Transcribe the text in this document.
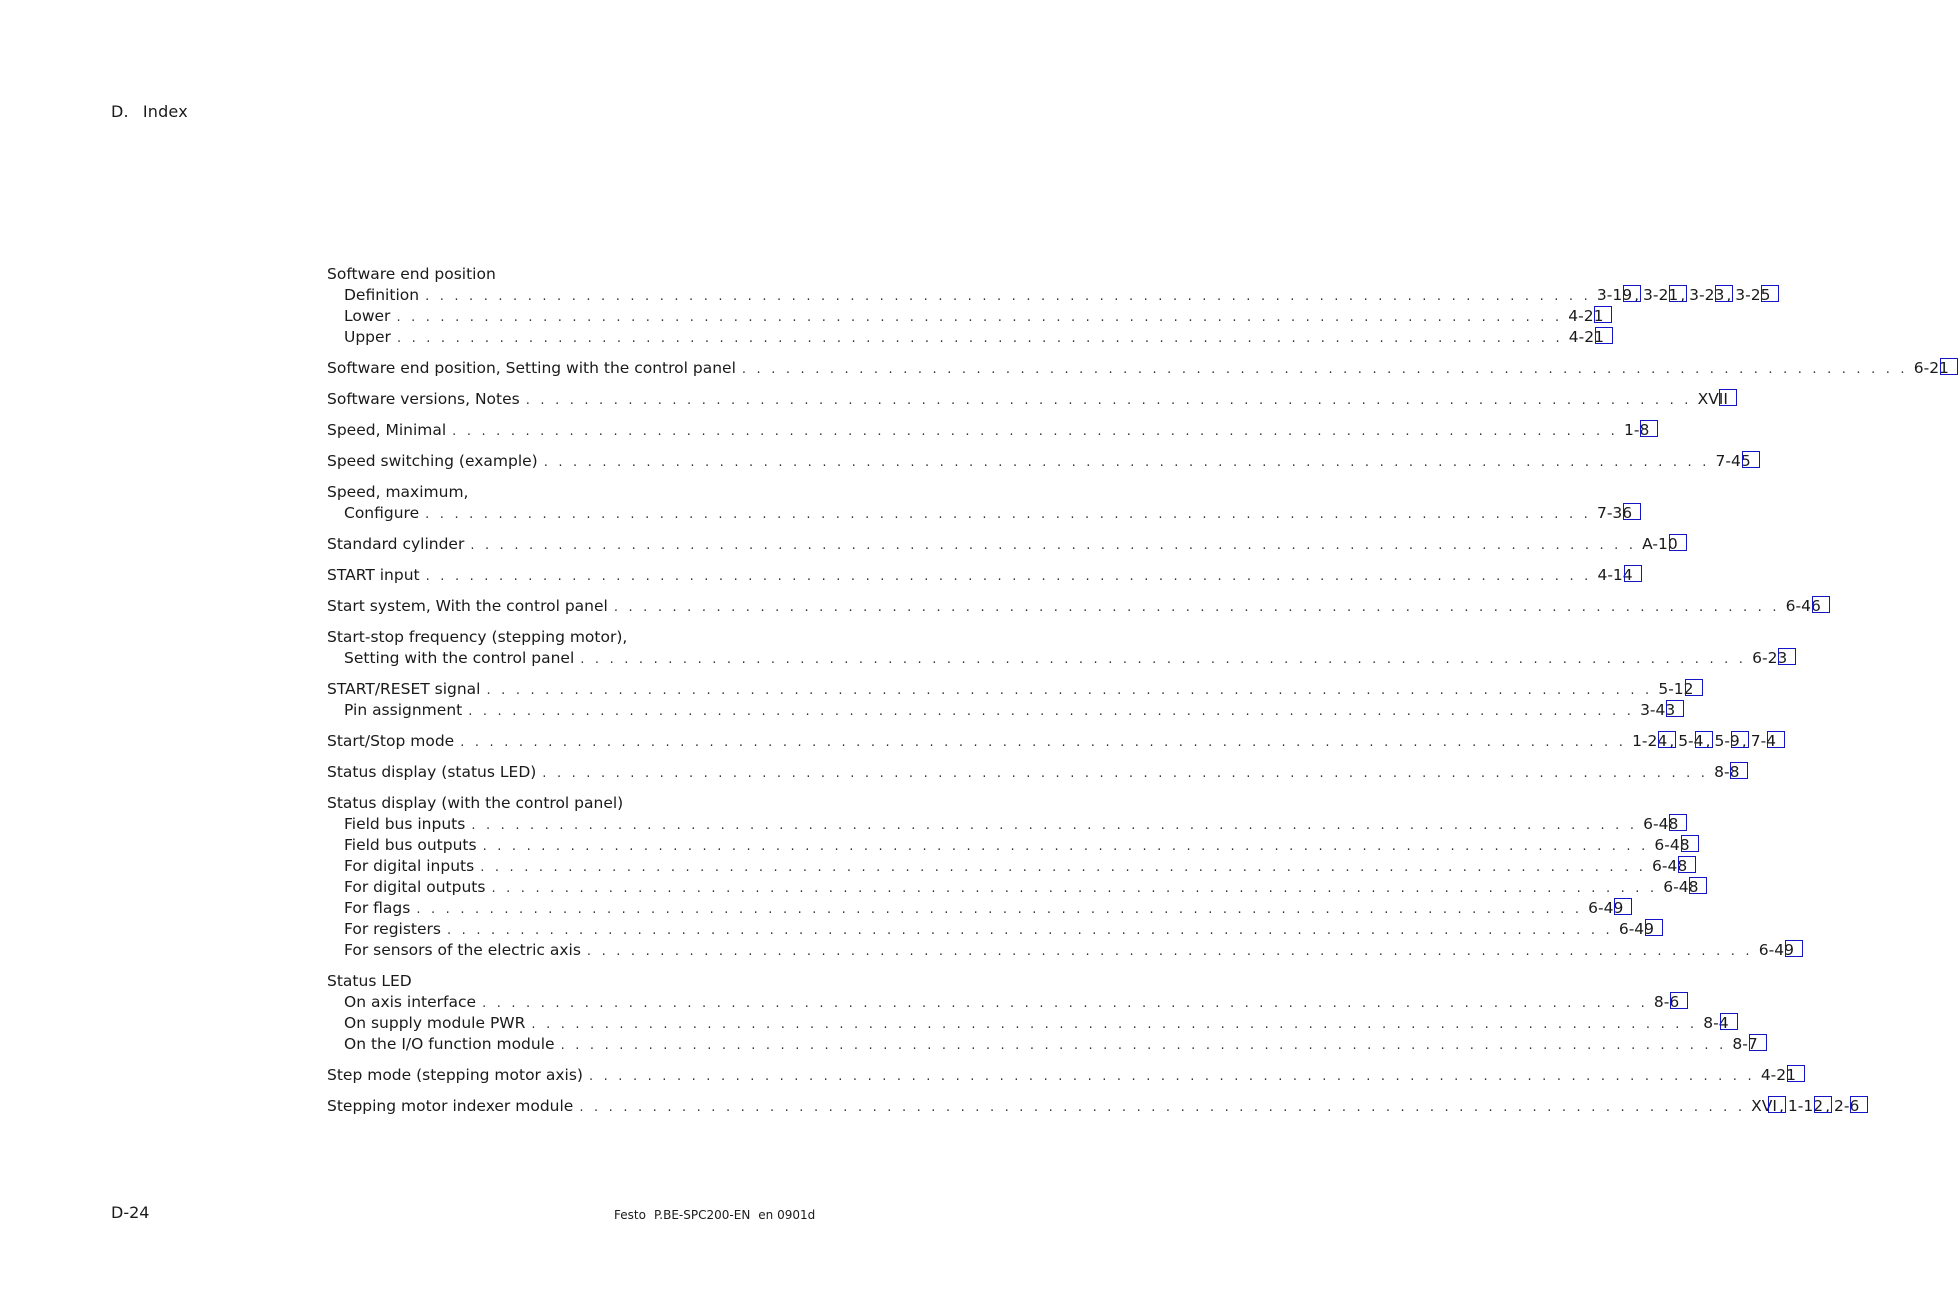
D. Index
Software end position
Definition . . . . . . . . . . . . . . . . . . . . . . . . . . . . . . . . . . . . . . . . . . . . . . . . . . . . . . . . . . . . . . . . . . . . . . . . . . . . . . . . 3-19 , 3-21 , 3-23 , 3-25
Lower . . . . . . . . . . . . . . . . . . . . . . . . . . . . . . . . . . . . . . . . . . . . . . . . . . . . . . . . . . . . . . . . . . . . . . . . . . . . . . . . 4-21
Upper . . . . . . . . . . . . . . . . . . . . . . . . . . . . . . . . . . . . . . . . . . . . . . . . . . . . . . . . . . . . . . . . . . . . . . . . . . . . . . . . 4-21
Software end position, Setting with the control panel . . . . . . . . . . . . . . . . . . . . . . . . . . . . . . . . . . . . . . . . . . . . . . . . . . . . . . . . . . . . . . . . . . . . . . . . . . . . . . . . 6-21
Software versions, Notes . . . . . . . . . . . . . . . . . . . . . . . . . . . . . . . . . . . . . . . . . . . . . . . . . . . . . . . . . . . . . . . . . . . . . . . . . . . . . . . . XVII
Speed, Minimal . . . . . . . . . . . . . . . . . . . . . . . . . . . . . . . . . . . . . . . . . . . . . . . . . . . . . . . . . . . . . . . . . . . . . . . . . . . . . . . . 1-8
Speed switching (example) . . . . . . . . . . . . . . . . . . . . . . . . . . . . . . . . . . . . . . . . . . . . . . . . . . . . . . . . . . . . . . . . . . . . . . . . . . . . . . . . 7-45
Speed, maximum,
Configure . . . . . . . . . . . . . . . . . . . . . . . . . . . . . . . . . . . . . . . . . . . . . . . . . . . . . . . . . . . . . . . . . . . . . . . . . . . . . . . . 7-36
Standard cylinder . . . . . . . . . . . . . . . . . . . . . . . . . . . . . . . . . . . . . . . . . . . . . . . . . . . . . . . . . . . . . . . . . . . . . . . . . . . . . . . . A-10
START input . . . . . . . . . . . . . . . . . . . . . . . . . . . . . . . . . . . . . . . . . . . . . . . . . . . . . . . . . . . . . . . . . . . . . . . . . . . . . . . . 4-14
Start system, With the control panel . . . . . . . . . . . . . . . . . . . . . . . . . . . . . . . . . . . . . . . . . . . . . . . . . . . . . . . . . . . . . . . . . . . . . . . . . . . . . . . . 6-46
Start-stop frequency (stepping motor),
Setting with the control panel . . . . . . . . . . . . . . . . . . . . . . . . . . . . . . . . . . . . . . . . . . . . . . . . . . . . . . . . . . . . . . . . . . . . . . . . . . . . . . . . 6-23
START/RESET signal . . . . . . . . . . . . . . . . . . . . . . . . . . . . . . . . . . . . . . . . . . . . . . . . . . . . . . . . . . . . . . . . . . . . . . . . . . . . . . . . 5-12
Pin assignment . . . . . . . . . . . . . . . . . . . . . . . . . . . . . . . . . . . . . . . . . . . . . . . . . . . . . . . . . . . . . . . . . . . . . . . . . . . . . . . . 3-43
Start/Stop mode . . . . . . . . . . . . . . . . . . . . . . . . . . . . . . . . . . . . . . . . . . . . . . . . . . . . . . . . . . . . . . . . . . . . . . . . . . . . . . . . 1-24 , 5-4 , 5-9 , 7-4
Status display (status LED) . . . . . . . . . . . . . . . . . . . . . . . . . . . . . . . . . . . . . . . . . . . . . . . . . . . . . . . . . . . . . . . . . . . . . . . . . . . . . . . . 8-8
Status display (with the control panel)
Field bus inputs . . . . . . . . . . . . . . . . . . . . . . . . . . . . . . . . . . . . . . . . . . . . . . . . . . . . . . . . . . . . . . . . . . . . . . . . . . . . . . . . 6-48
Field bus outputs . . . . . . . . . . . . . . . . . . . . . . . . . . . . . . . . . . . . . . . . . . . . . . . . . . . . . . . . . . . . . . . . . . . . . . . . . . . . . . . . 6-48
For digital inputs . . . . . . . . . . . . . . . . . . . . . . . . . . . . . . . . . . . . . . . . . . . . . . . . . . . . . . . . . . . . . . . . . . . . . . . . . . . . . . . . 6-48
For digital outputs . . . . . . . . . . . . . . . . . . . . . . . . . . . . . . . . . . . . . . . . . . . . . . . . . . . . . . . . . . . . . . . . . . . . . . . . . . . . . . . . 6-48
For flags . . . . . . . . . . . . . . . . . . . . . . . . . . . . . . . . . . . . . . . . . . . . . . . . . . . . . . . . . . . . . . . . . . . . . . . . . . . . . . . . 6-49
For registers . . . . . . . . . . . . . . . . . . . . . . . . . . . . . . . . . . . . . . . . . . . . . . . . . . . . . . . . . . . . . . . . . . . . . . . . . . . . . . . . 6-49
For sensors of the electric axis . . . . . . . . . . . . . . . . . . . . . . . . . . . . . . . . . . . . . . . . . . . . . . . . . . . . . . . . . . . . . . . . . . . . . . . . . . . . . . . . 6-49
Status LED
On axis interface . . . . . . . . . . . . . . . . . . . . . . . . . . . . . . . . . . . . . . . . . . . . . . . . . . . . . . . . . . . . . . . . . . . . . . . . . . . . . . . . 8-6
On supply module PWR . . . . . . . . . . . . . . . . . . . . . . . . . . . . . . . . . . . . . . . . . . . . . . . . . . . . . . . . . . . . . . . . . . . . . . . . . . . . . . . . 8-4
On the I/O function module . . . . . . . . . . . . . . . . . . . . . . . . . . . . . . . . . . . . . . . . . . . . . . . . . . . . . . . . . . . . . . . . . . . . . . . . . . . . . . . . 8-7
Step mode (stepping motor axis) . . . . . . . . . . . . . . . . . . . . . . . . . . . . . . . . . . . . . . . . . . . . . . . . . . . . . . . . . . . . . . . . . . . . . . . . . . . . . . . . 4-21
Stepping motor indexer module . . . . . . . . . . . . . . . . . . . . . . . . . . . . . . . . . . . . . . . . . . . . . . . . . . . . . . . . . . . . . . . . . . . . . . . . . . . . . . . . XVI , 1-12 , 2-6
D-24	Festo P.BE-SPC200-EN en 0901d
